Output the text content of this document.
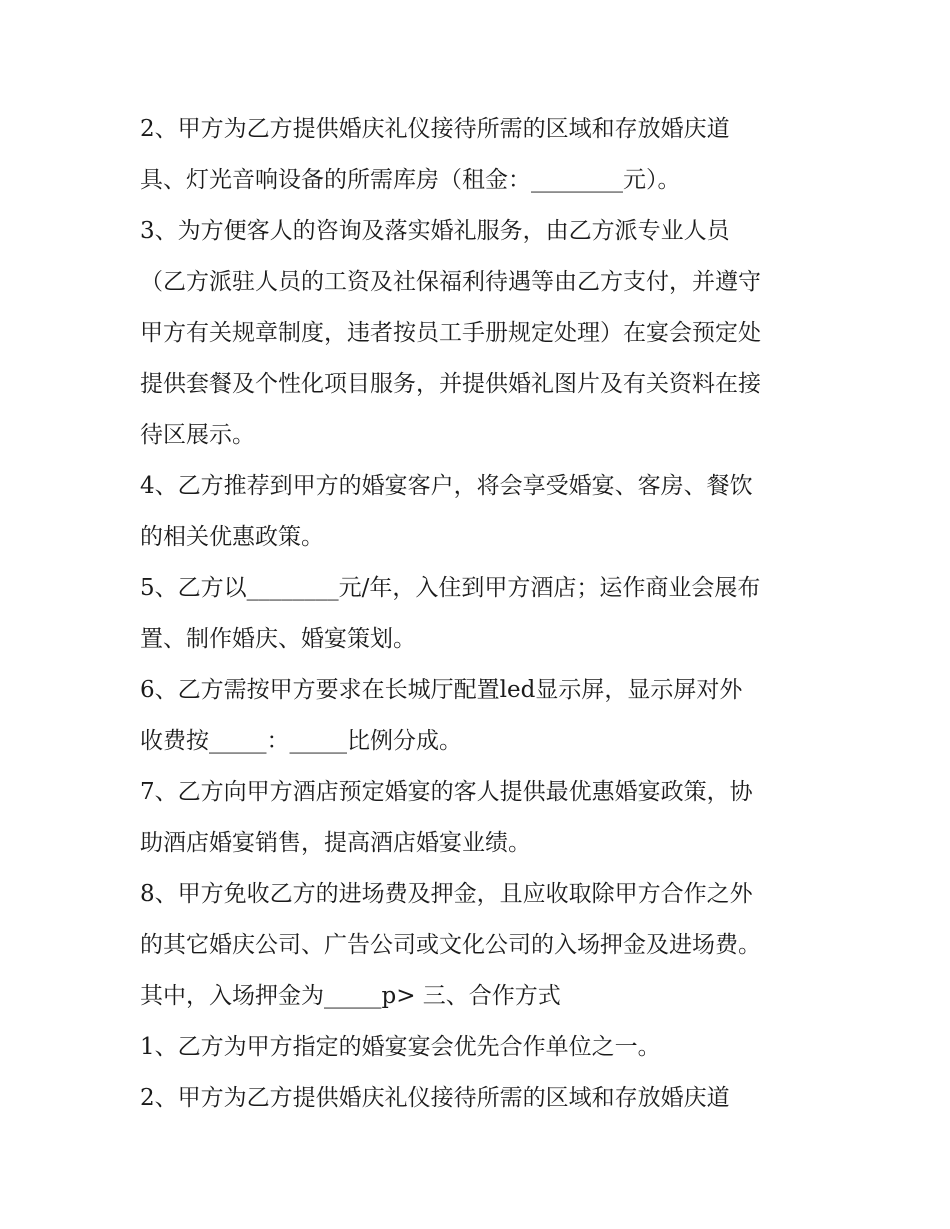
2、甲方为乙方提供婚庆礼仪接待所需的区域和存放婚庆道

具、灯光音响设备的所需库房（租金：________元）。

3、为方便客人的咨询及落实婚礼服务，由乙方派专业人员

（乙方派驻人员的工资及社保福利待遇等由乙方支付，并遵守

甲方有关规章制度，违者按员工手册规定处理）在宴会预定处

提供套餐及个性化项目服务，并提供婚礼图片及有关资料在接

待区展示。

4、乙方推荐到甲方的婚宴客户，将会享受婚宴、客房、餐饮

的相关优惠政策。

5、乙方以________元/年，入住到甲方酒店；运作商业会展布

置、制作婚庆、婚宴策划。

6、乙方需按甲方要求在长城厅配置led显示屏，显示屏对外

收费按_____：_____比例分成。

7、乙方向甲方酒店预定婚宴的客人提供最优惠婚宴政策，协

助酒店婚宴销售，提高酒店婚宴业绩。

8、甲方免收乙方的进场费及押金，且应收取除甲方合作之外

的其它婚庆公司、广告公司或文化公司的入场押金及进场费。

其中，入场押金为_____p> 三、合作方式

1、乙方为甲方指定的婚宴宴会优先合作单位之一。

2、甲方为乙方提供婚庆礼仪接待所需的区域和存放婚庆道
